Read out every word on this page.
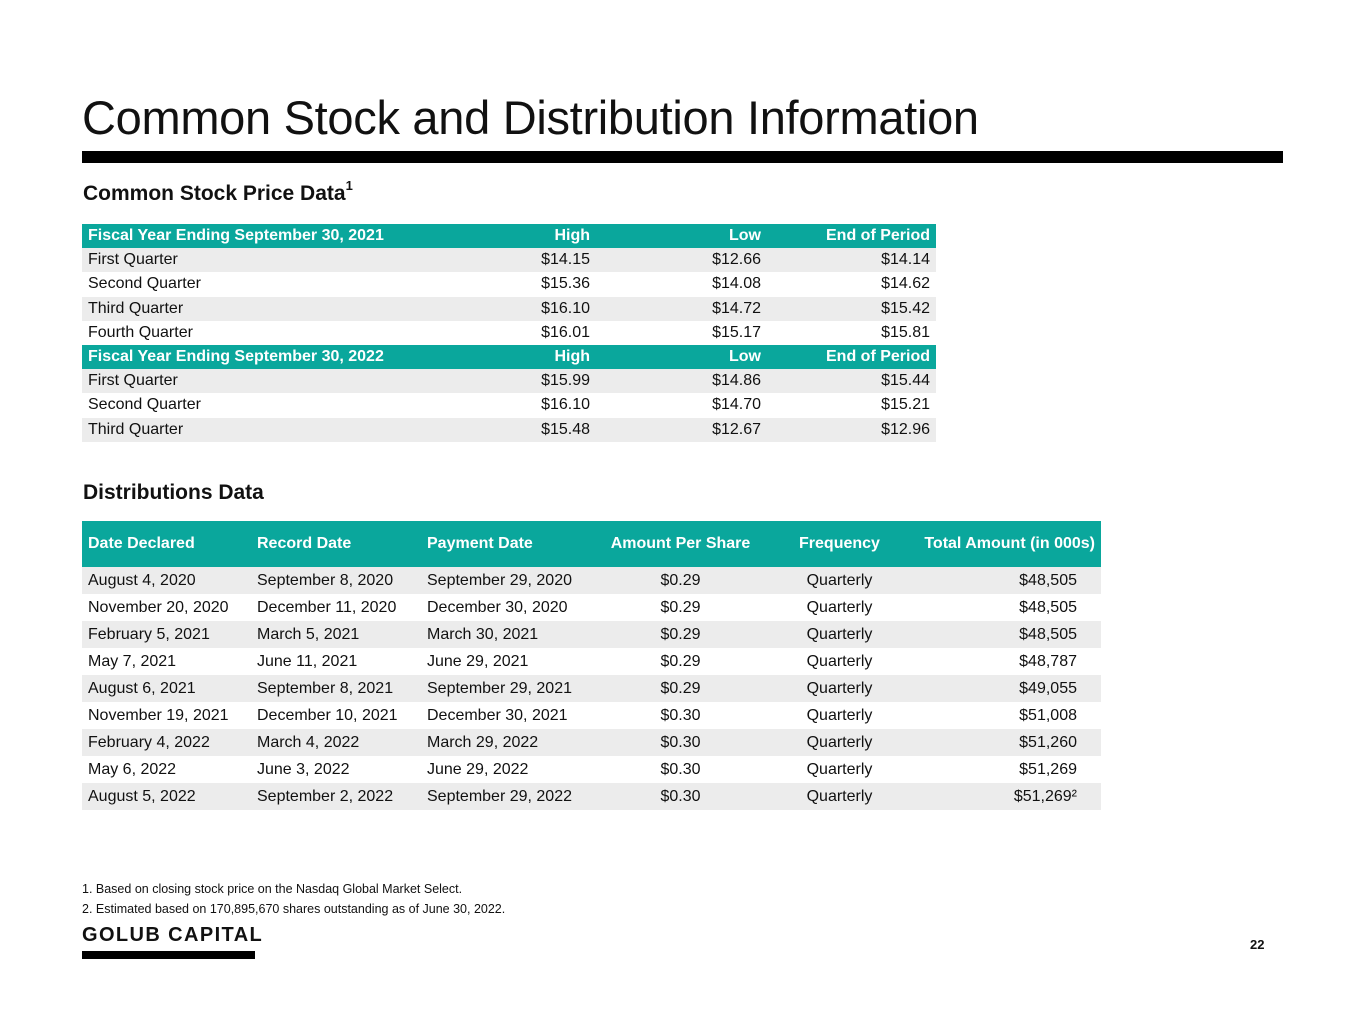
Common Stock and Distribution Information
Common Stock Price Data$^1$
Fiscal Year Ending September 30, 2021	High	Low	End of Period
First Quarter	$14.15	$12.66	$14.14
Second Quarter	$15.36	$14.08	$14.62
Third Quarter	$16.10	$14.72	$15.42
Fourth Quarter	$16.01	$15.17	$15.81
Fiscal Year Ending September 30, 2022	High	Low	End of Period
First Quarter	$15.99	$14.86	$15.44
Second Quarter	$16.10	$14.70	$15.21
Third Quarter	$15.48	$12.67	$12.96
Distributions Data
Date Declared	Record Date	Payment Date	Amount Per Share	Frequency	Total Amount (in 000s)
August 4, 2020	September 8, 2020	September 29, 2020	$0.29	Quarterly	$48,505
November 20, 2020	December 11, 2020	December 30, 2020	$0.29	Quarterly	$48,505
February 5, 2021	March 5, 2021	March 30, 2021	$0.29	Quarterly	$48,505
May 7, 2021	June 11, 2021	June 29, 2021	$0.29	Quarterly	$48,787
August 6, 2021	September 8, 2021	September 29, 2021	$0.29	Quarterly	$49,055
November 19, 2021	December 10, 2021	December 30, 2021	$0.30	Quarterly	$51,008
February 4, 2022	March 4, 2022	March 29, 2022	$0.30	Quarterly	$51,260
May 6, 2022	June 3, 2022	June 29, 2022	$0.30	Quarterly	$51,269
August 5, 2022	September 2, 2022	September 29, 2022	$0.30	Quarterly	$51,269²
1. Based on closing stock price on the Nasdaq Global Market Select.
2. Estimated based on 170,895,670 shares outstanding as of June 30, 2022.
GOLUB CAPITAL	22
